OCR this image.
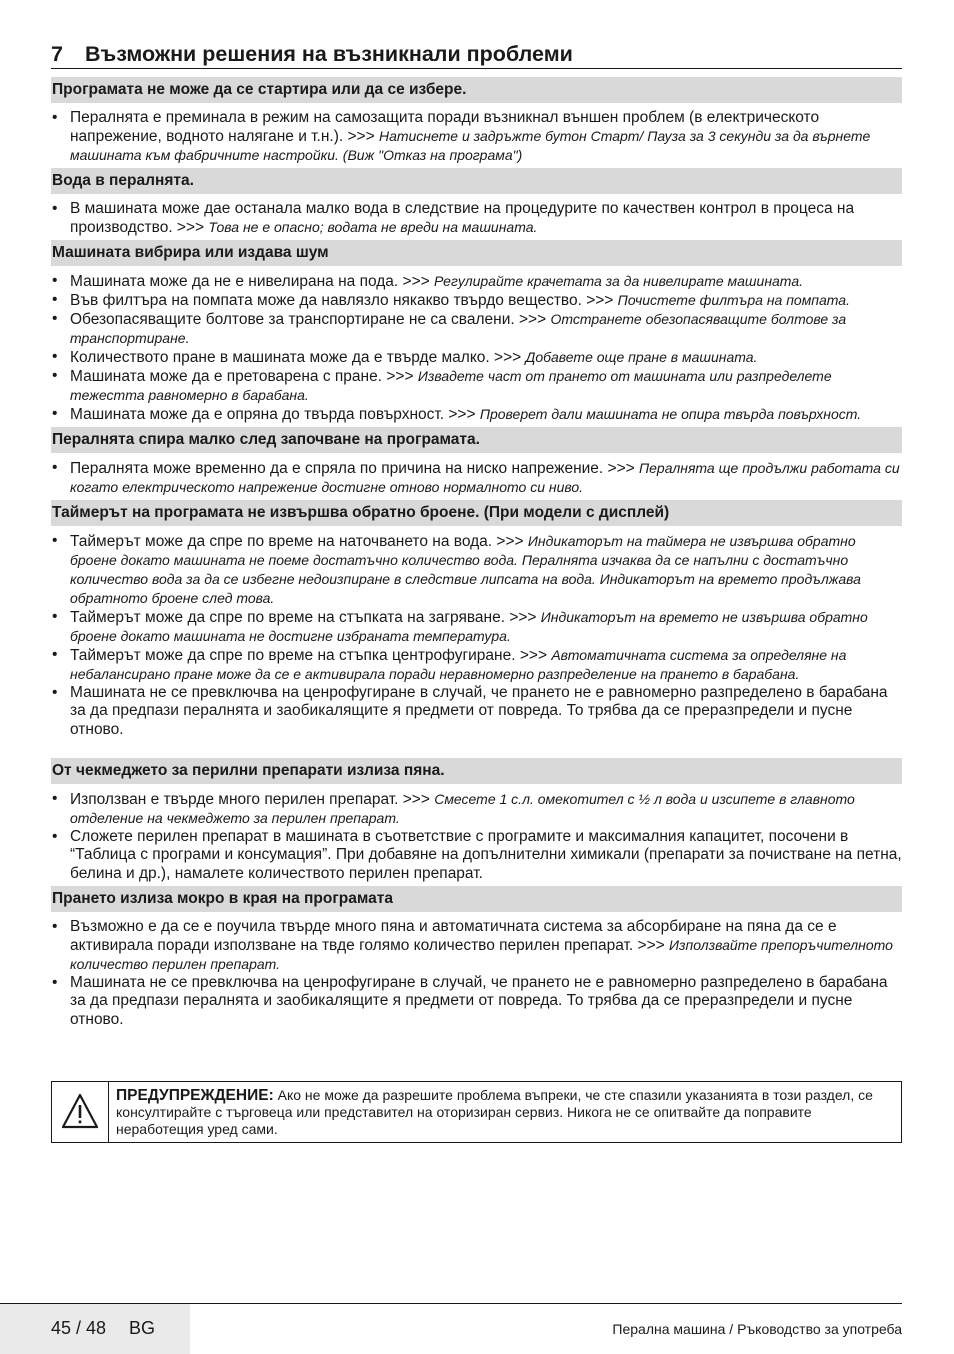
7 Възможни решения на възникнали проблеми
Програмата не може да се стартира или да се избере.
• Пералнята е преминала в режим на самозащита поради възникнал външен проблем (в електрическото напрежение, водното налягане и т.н.). >>> Натиснете и задръжте бутон Старт/ Пауза за 3 секунди за да върнете машината към фабричните настройки. (Виж "Отказ на програма")
Вода в пералнята.
• В машината може дае останала малко вода в следствие на процедурите по качествен контрол в процеса на производство. >>> Това не е опасно; водата не вреди на машината.
Машината вибрира или издава шум
• Машината може да не е нивелирана на пода. >>> Регулирайте крачетата за да нивелирате машината.
• Във филтъра на помпата може да навлязло някакво твърдо вещество. >>> Почистете филтъра на помпата.
• Обезопасяващите болтове за транспортиране не са свалени. >>> Отстранете обезопасяващите болтове за транспортиране.
• Количеството пране в машината може да е твърде малко. >>> Добавете още пране в машината.
• Машината може да е претоварена с пране. >>> Извадете част от прането от машината или разпределете тежестта равномерно в барабана.
• Машината може да е опряна до твърда повърхност. >>> Проверет дали машината не опира твърда повърхност.
Пералнята спира малко след започване на програмата.
• Пералнята може временно да е спряла по причина на ниско напрежение. >>> Пералнята ще продължи работата си когато електрическото напрежение достигне отново нормалното си ниво.
Таймерът на програмата не извършва обратно броене. (При модели с дисплей)
• Таймерът може да спре по време на наточването на вода. >>> Индикаторът на таймера не извършва обратно броене докато машината не поеме достатъчно количество вода. Пералнята изчаква да се напълни с достатъчно количество вода за да се избегне недоизпиране в следствие липсата на вода. Индикаторът на времето продължава обратното броене след това.
• Таймерът може да спре по време на стъпката на загряване. >>> Индикаторът на времето не извършва обратно броене докато машината не достигне избраната температура.
• Таймерът може да спре по време на стъпка центрофугиране. >>> Автоматичната система за определяне на небалансирано пране може да се е активирала поради неравномерно разпределение на прането в барабана.
• Машината не се превключва на ценрофугиране в случай, че прането не е равномерно разпределено в барабана за да предпази пералнята и заобикалящите я предмети от повреда. То трябва да се преразпредели и пусне отново.
От чекмеджето за перилни препарати излиза пяна.
• Използван е твърде много перилен препарат. >>> Смесете 1 с.л. омекотител с ½ л вода и изсипете в главното отделение на чекмеджето за перилен препарат.
• Сложете перилен препарат в машината в съответствие с програмите и максималния капацитет, посочени в “Таблица с програми и консумация”. При добавяне на допълнителни химикали (препарати за почистване на петна, белина и др.), намалете количеството перилен препарат.
Прането излиза мокро в края на програмата
• Възможно е да се е поучила твърде много пяна и автоматичната система за абсорбиране на пяна да се е активирала поради използване на твде голямо количество перилен препарат. >>> Използвайте препоръчителното количество перилен препарат.
• Машината не се превключва на ценрофугиране в случай, че прането не е равномерно разпределено в барабана за да предпази пералнята и заобикалящите я предмети от повреда. То трябва да се преразпредели и пусне отново.
ПРЕДУПРЕЖДЕНИЕ: Ако не може да разрешите проблема въпреки, че сте спазили указанията в този раздел, се консултирайте с търговеца или представител на оторизиран сервиз. Никога не се опитвайте да поправите неработещия уред сами.
45 / 48 BG	Перална машина / Ръководство за употреба
